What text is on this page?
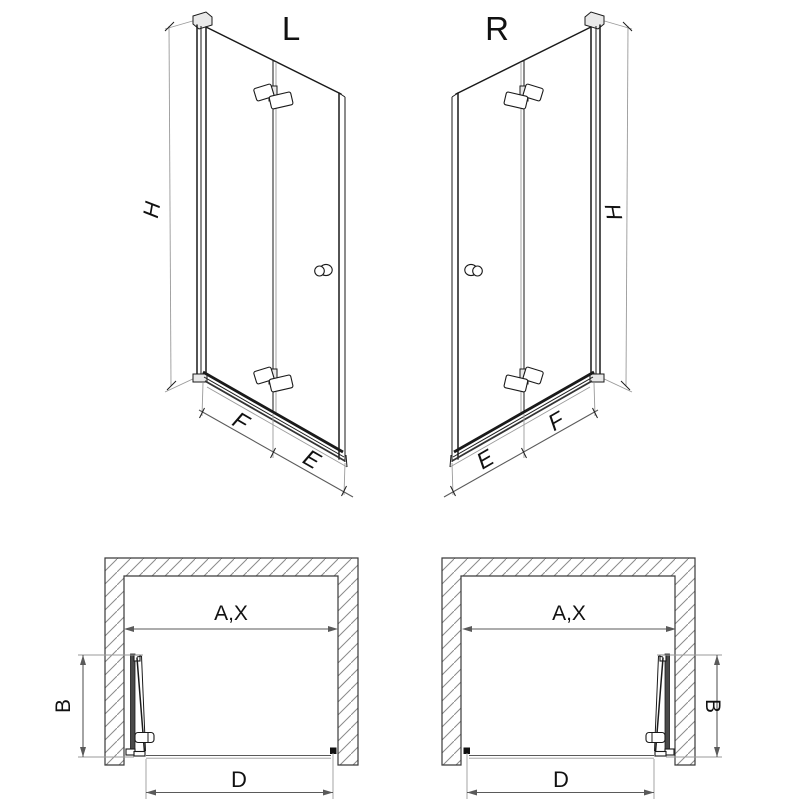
L	R
H	H
F
E
F
E
A,X	A,X
B	B
D	D
